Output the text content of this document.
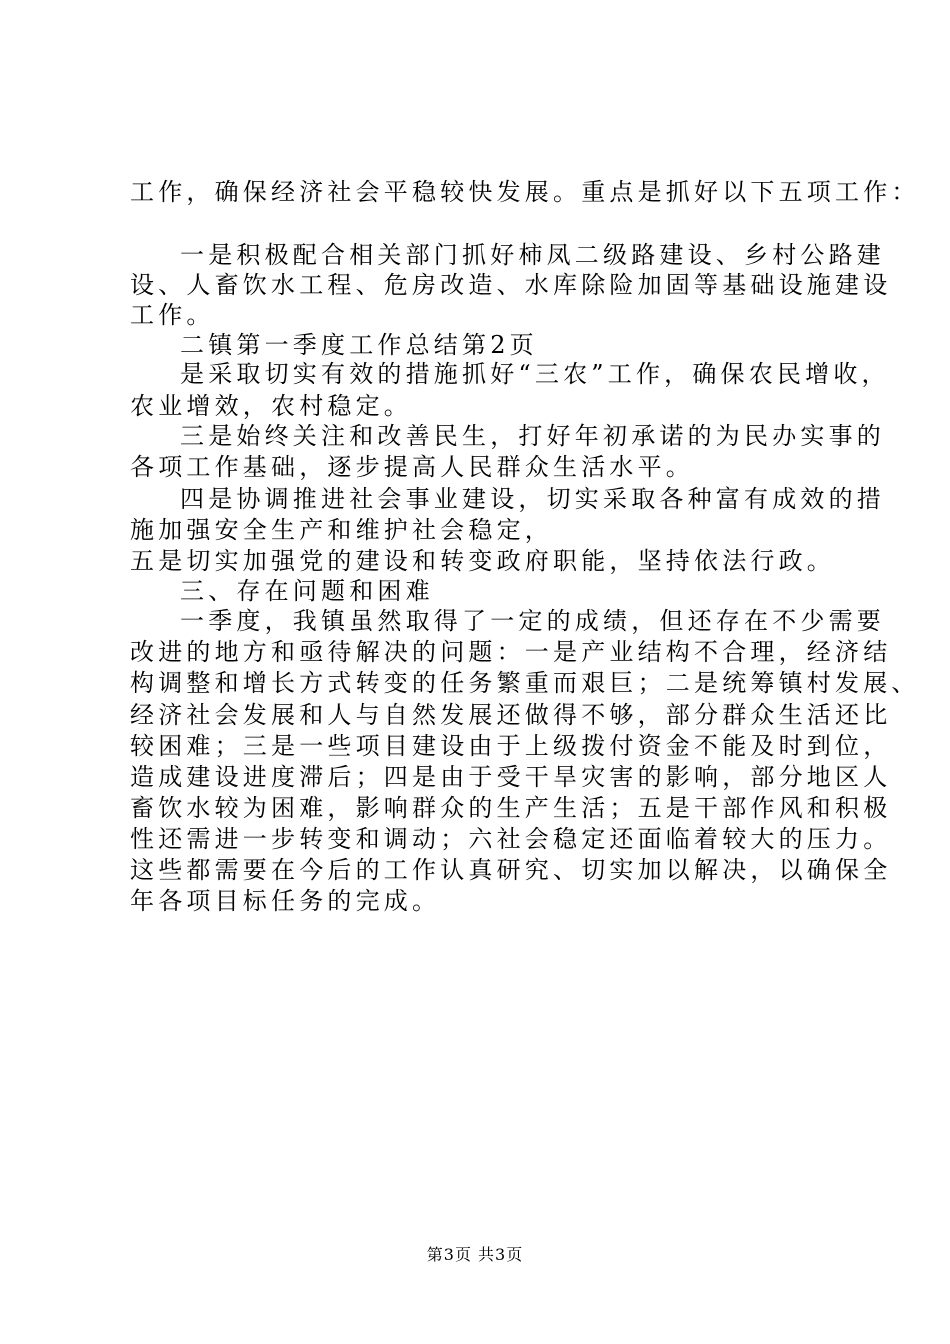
工作，确保经济社会平稳较快发展。重点是抓好以下五项工作：
一是积极配合相关部门抓好柿凤二级路建设、乡村公路建
设、人畜饮水工程、危房改造、水库除险加固等基础设施建设
工作。
二镇第一季度工作总结第2页
是采取切实有效的措施抓好“三农”工作，确保农民增收，
农业增效，农村稳定。
三是始终关注和改善民生，打好年初承诺的为民办实事的
各项工作基础，逐步提高人民群众生活水平。
四是协调推进社会事业建设，切实采取各种富有成效的措
施加强安全生产和维护社会稳定，
五是切实加强党的建设和转变政府职能，坚持依法行政。
三、存在问题和困难
一季度，我镇虽然取得了一定的成绩，但还存在不少需要
改进的地方和亟待解决的问题：一是产业结构不合理，经济结
构调整和增长方式转变的任务繁重而艰巨；二是统筹镇村发展、
经济社会发展和人与自然发展还做得不够，部分群众生活还比
较困难；三是一些项目建设由于上级拨付资金不能及时到位，
造成建设进度滞后；四是由于受干旱灾害的影响，部分地区人
畜饮水较为困难，影响群众的生产生活；五是干部作风和积极
性还需进一步转变和调动；六社会稳定还面临着较大的压力。
这些都需要在今后的工作认真研究、切实加以解决，以确保全
年各项目标任务的完成。
第3页 共3页
